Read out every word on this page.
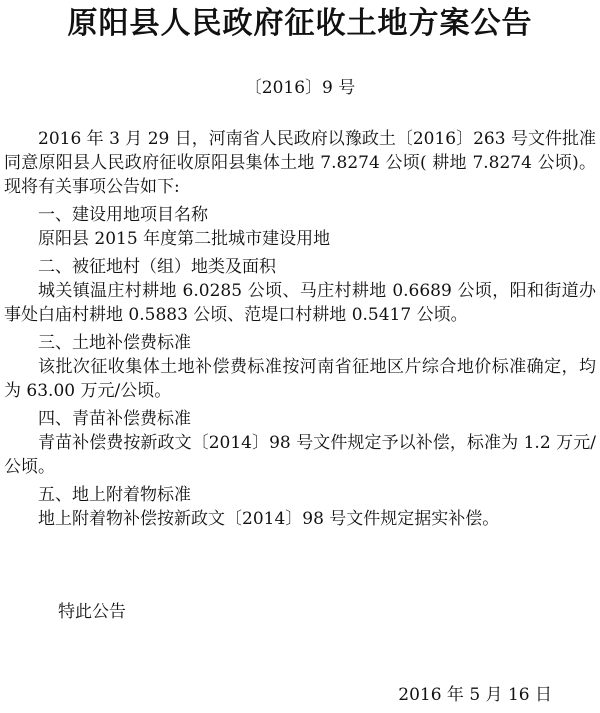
原阳县人民政府征收土地方案公告
〔2016〕9 号

2016 年 3 月 29 日，河南省人民政府以豫政土〔2016〕263 号文件批准同意原阳县人民政府征收原阳县集体土地 7.8274 公顷( 耕地 7.8274 公顷)。现将有关事项公告如下:

一、建设用地项目名称

原阳县 2015 年度第二批城市建设用地

二、被征地村（组）地类及面积

城关镇温庄村耕地 6.0285 公顷、马庄村耕地 0.6689 公顷，阳和街道办事处白庙村耕地 0.5883 公顷、范堤口村耕地 0.5417 公顷。

三、土地补偿费标准

该批次征收集体土地补偿费标准按河南省征地区片综合地价标准确定，均为 63.00 万元/公顷。

四、青苗补偿费标准

青苗补偿费按新政文〔2014〕98 号文件规定予以补偿，标准为 1.2 万元/公顷。

五、地上附着物标准

地上附着物补偿按新政文〔2014〕98 号文件规定据实补偿。

特此公告
2016 年 5 月 16 日
